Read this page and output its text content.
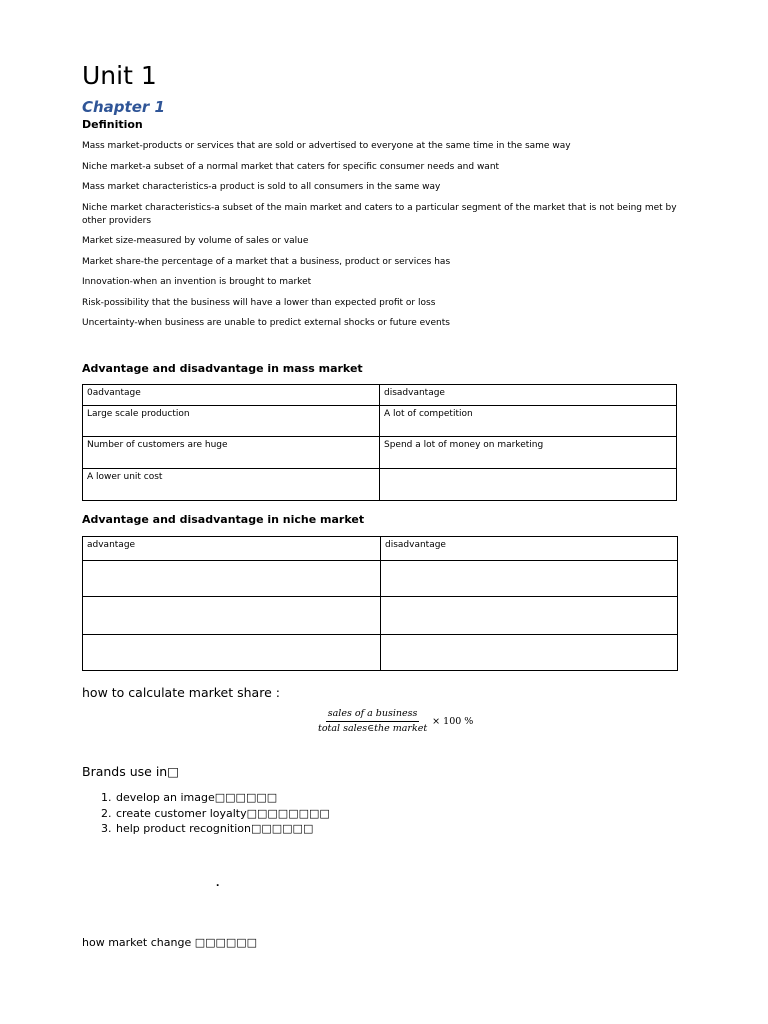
Unit 1
Chapter 1
Definition

Mass market-products or services that are sold or advertised to everyone at the same time in the same way

Niche market-a subset of a normal market that caters for specific consumer needs and want

Mass market characteristics-a product is sold to all consumers in the same way

Niche market characteristics-a subset of the main market and caters to a particular segment of the market that is not being met by other providers

Market size-measured by volume of sales or value

Market share-the percentage of a market that a business, product or services has

Innovation-when an invention is brought to market

Risk-possibility that the business will have a lower than expected profit or loss

Uncertainty-when business are unable to predict external shocks or future events

Advantage and disadvantage in mass market
0advantage	disadvantage
Large scale production	A lot of competition
Number of customers are huge	Spend a lot of money on marketing
A lower unit cost	
Advantage and disadvantage in niche market
advantage	disadvantage

how to calculate market share :
$\frac{\text{sales of a business}}{\text{total sales∈the market}} \times 100$ %
Brands use in□
1. develop an image□□□□□□
2. create customer loyalty□□□□□□□□
3. help product recognition□□□□□□
.
how market change □□□□□□
